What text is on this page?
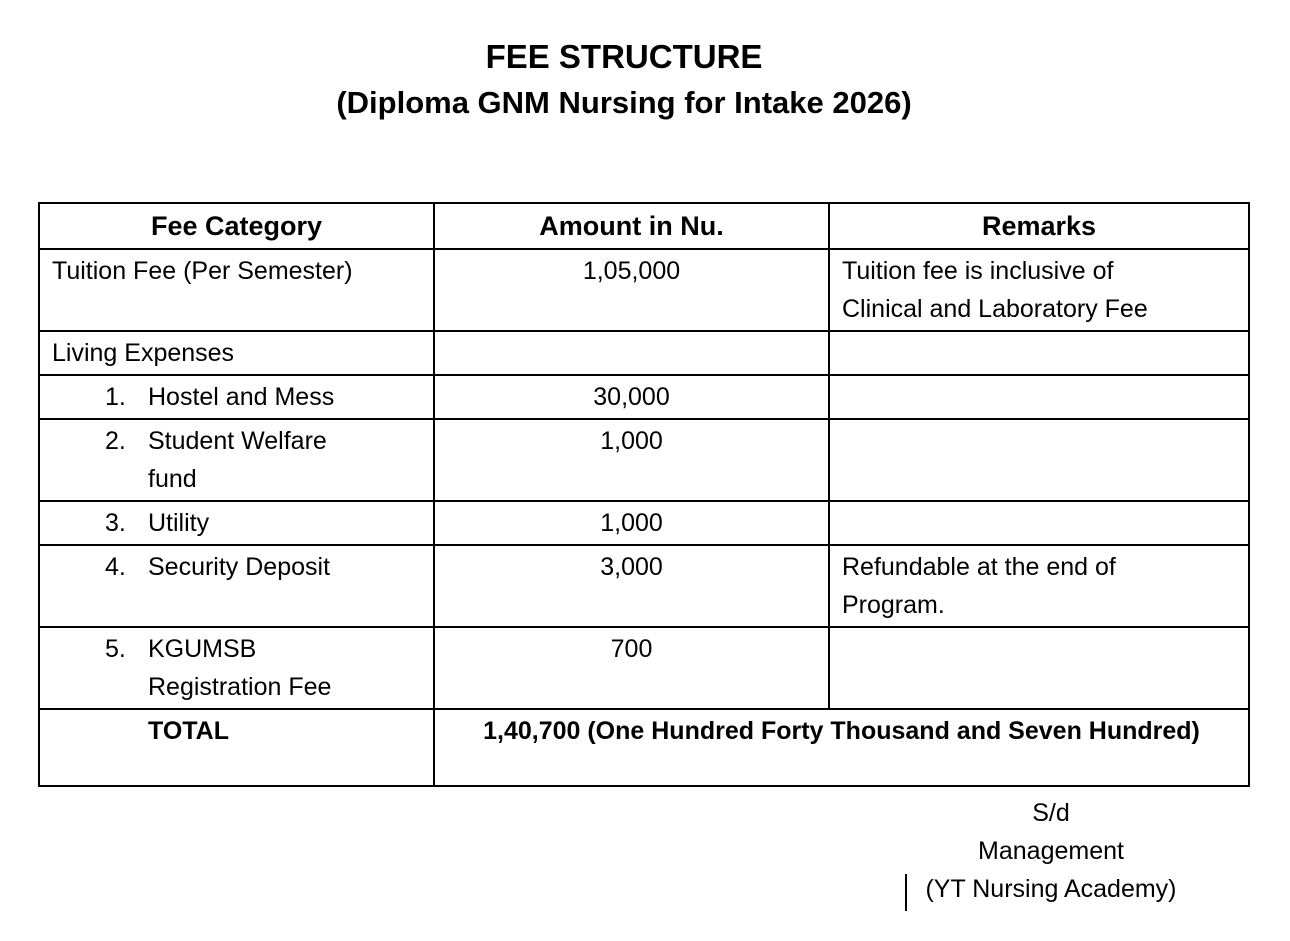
FEE STRUCTURE
(Diploma GNM Nursing for Intake 2026)
Fee Category	Amount in Nu.	Remarks
Tuition Fee (Per Semester)	1,05,000	Tuition fee is inclusive of Clinical and Laboratory Fee
Living Expenses		

1. Hostel and Mess	30,000	

2. Student Welfare fund	1,000	

3. Utility	1,000	

4. Security Deposit	3,000	Refundable at the end of Program.

5. KGUMSB Registration Fee	700	
TOTAL	1,40,700 (One Hundred Forty Thousand and Seven Hundred)	
S/d
Management
(YT Nursing Academy)
